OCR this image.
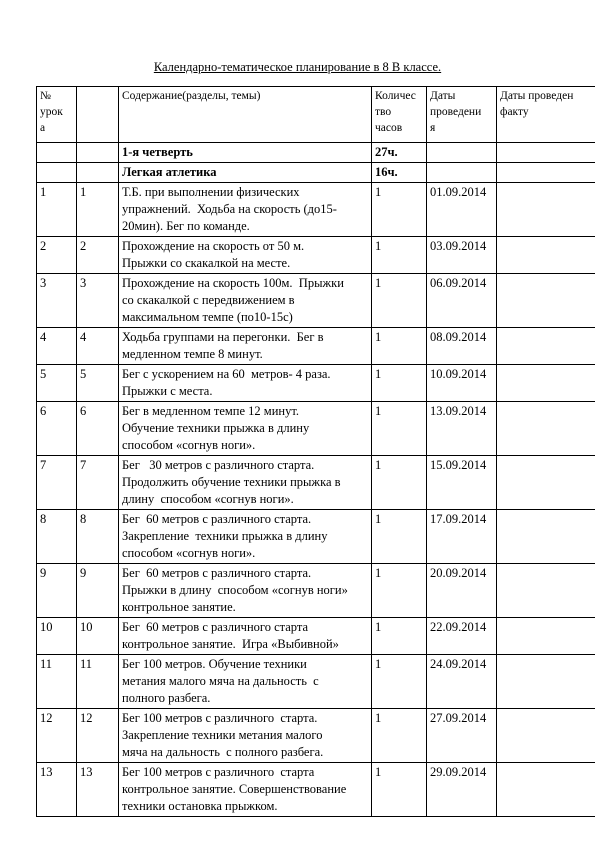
Календарно-тематическое планирование в 8 В классе.
№
урок
а		Содержание(разделы, темы)	Количес
тво
часов	Даты
проведени
я	Даты проведен
факту
		1-я четверть	27ч.		
		Легкая атлетика	16ч.		
1	1	Т.Б. при выполнении физических
упражнений.  Ходьба на скорость (до15-
20мин). Бег по команде.	1	01.09.2014	
2	2	Прохождение на скорость от 50 м.
Прыжки со скакалкой на месте.	1	03.09.2014	
3	3	Прохождение на скорость 100м.  Прыжки
со скакалкой с передвижением в
максимальном темпе (по10-15с)	1	06.09.2014	
4	4	Ходьба группами на перегонки.  Бег в
медленном темпе 8 минут.	1	08.09.2014	
5	5	Бег с ускорением на 60  метров- 4 раза.
Прыжки с места.	1	10.09.2014	
6	6	Бег в медленном темпе 12 минут.
Обучение техники прыжка в длину
способом «согнув ноги».	1	13.09.2014	
7	7	Бег   30 метров с различного старта.
Продолжить обучение техники прыжка в
длину  способом «согнув ноги».	1	15.09.2014	
8	8	Бег  60 метров с различного старта.
Закрепление  техники прыжка в длину
способом «согнув ноги».	1	17.09.2014	
9	9	Бег  60 метров с различного старта.
Прыжки в длину  способом «согнув ноги»
контрольное занятие.	1	20.09.2014	
10	10	Бег  60 метров с различного старта
контрольное занятие.  Игра «Выбивной»	1	22.09.2014	
11	11	Бег 100 метров. Обучение техники
метания малого мяча на дальность  с
полного разбега.	1	24.09.2014	
12	12	Бег 100 метров с различного  старта.
Закрепление техники метания малого
мяча на дальность  с полного разбега.	1	27.09.2014	
13	13	Бег 100 метров с различного  старта
контрольное занятие. Совершенствование
техники остановка прыжком.	1	29.09.2014	
